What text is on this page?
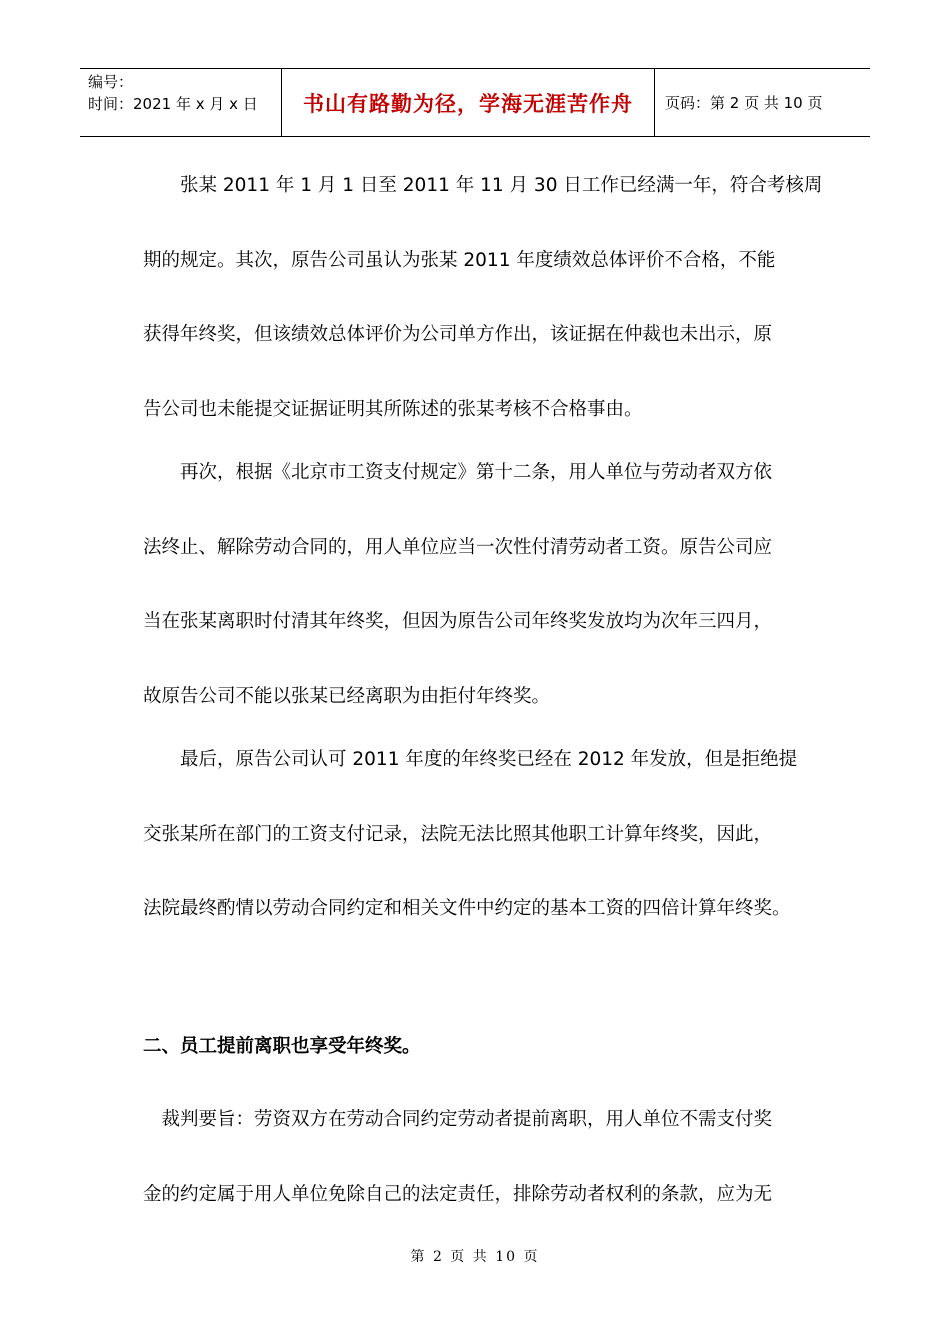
编号：
时间：2021 年 x 月 x 日	书山有路勤为径，学海无涯苦作舟 页码：第 2 页 共 10 页
　　张某 2011 年 1 月 1 日至 2011 年 11 月 30 日工作已经满一年，符合考核周
期的规定。其次，原告公司虽认为张某 2011 年度绩效总体评价不合格，不能
获得年终奖，但该绩效总体评价为公司单方作出，该证据在仲裁也未出示，原
告公司也未能提交证据证明其所陈述的张某考核不合格事由。
　　再次，根据《北京市工资支付规定》第十二条，用人单位与劳动者双方依
法终止、解除劳动合同的，用人单位应当一次性付清劳动者工资。原告公司应
当在张某离职时付清其年终奖，但因为原告公司年终奖发放均为次年三四月，
故原告公司不能以张某已经离职为由拒付年终奖。
　　最后，原告公司认可 2011 年度的年终奖已经在 2012 年发放，但是拒绝提
交张某所在部门的工资支付记录，法院无法比照其他职工计算年终奖，因此，
法院最终酌情以劳动合同约定和相关文件中约定的基本工资的四倍计算年终奖。
二、员工提前离职也享受年终奖。
　裁判要旨：劳资双方在劳动合同约定劳动者提前离职，用人单位不需支付奖
金的约定属于用人单位免除自己的法定责任，排除劳动者权利的条款，应为无
第 2 页 共 10 页
